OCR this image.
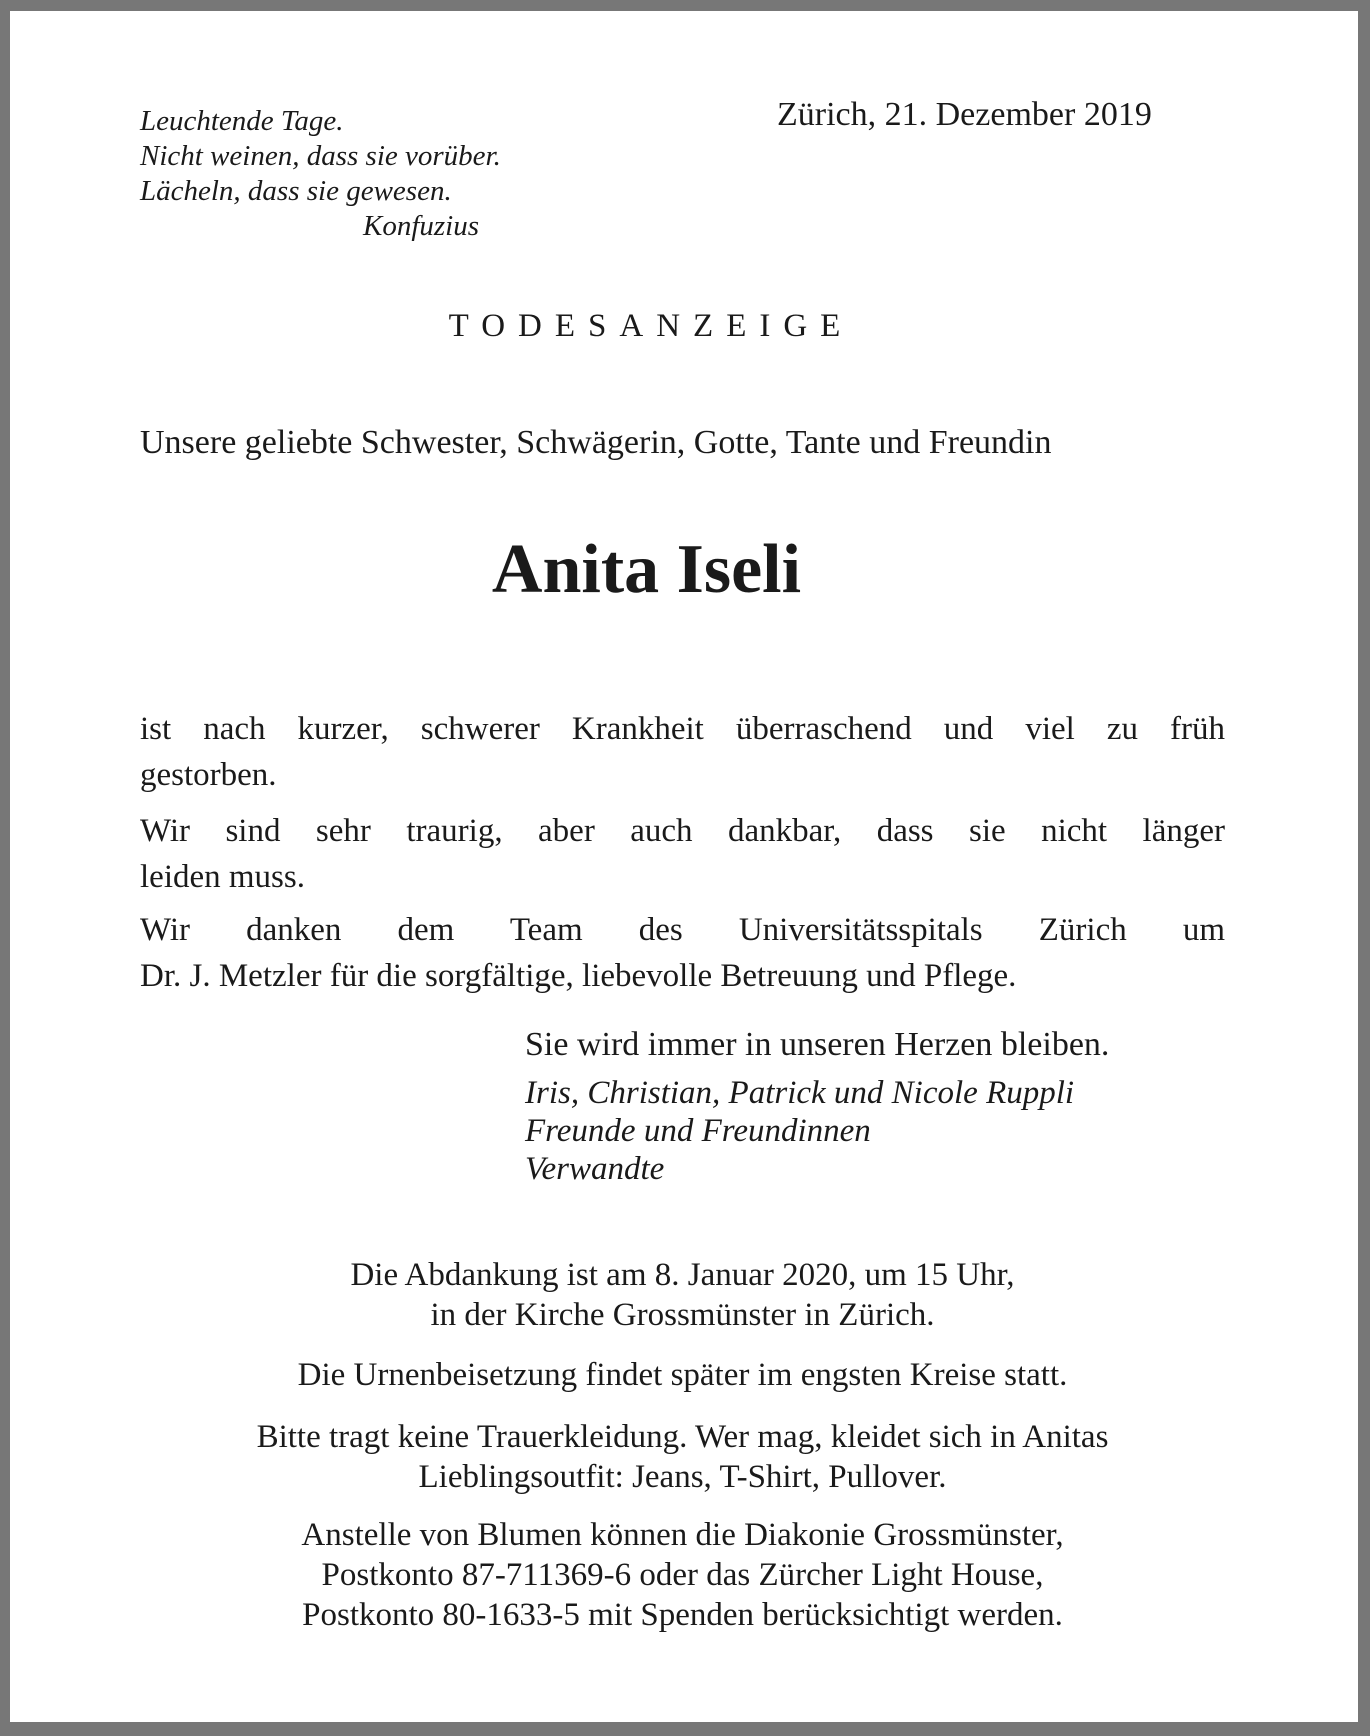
Leuchtende Tage.
Nicht weinen, dass sie vorüber.
Lächeln, dass sie gewesen.
Konfuzius
Zürich, 21. Dezember 2019
TODESANZEIGE
Unsere geliebte Schwester, Schwägerin, Gotte, Tante und Freundin
Anita Iseli

ist nach kurzer, schwerer Krankheit überraschend und viel zu früh
gestorben.

Wir sind sehr traurig, aber auch dankbar, dass sie nicht länger
leiden muss.

Wir danken dem Team des Universitätsspitals Zürich um
Dr. J. Metzler für die sorgfältige, liebevolle Betreuung und Pflege.

Sie wird immer in unseren Herzen bleiben.
Iris, Christian, Patrick und Nicole Ruppli
Freunde und Freundinnen
Verwandte
Die Abdankung ist am 8. Januar 2020, um 15 Uhr,
in der Kirche Grossmünster in Zürich.
Die Urnenbeisetzung findet später im engsten Kreise statt.
Bitte tragt keine Trauerkleidung. Wer mag, kleidet sich in Anitas
Lieblingsoutfit: Jeans, T-Shirt, Pullover.
Anstelle von Blumen können die Diakonie Grossmünster,
Postkonto 87-711369-6 oder das Zürcher Light House,
Postkonto 80-1633-5 mit Spenden berücksichtigt werden.
